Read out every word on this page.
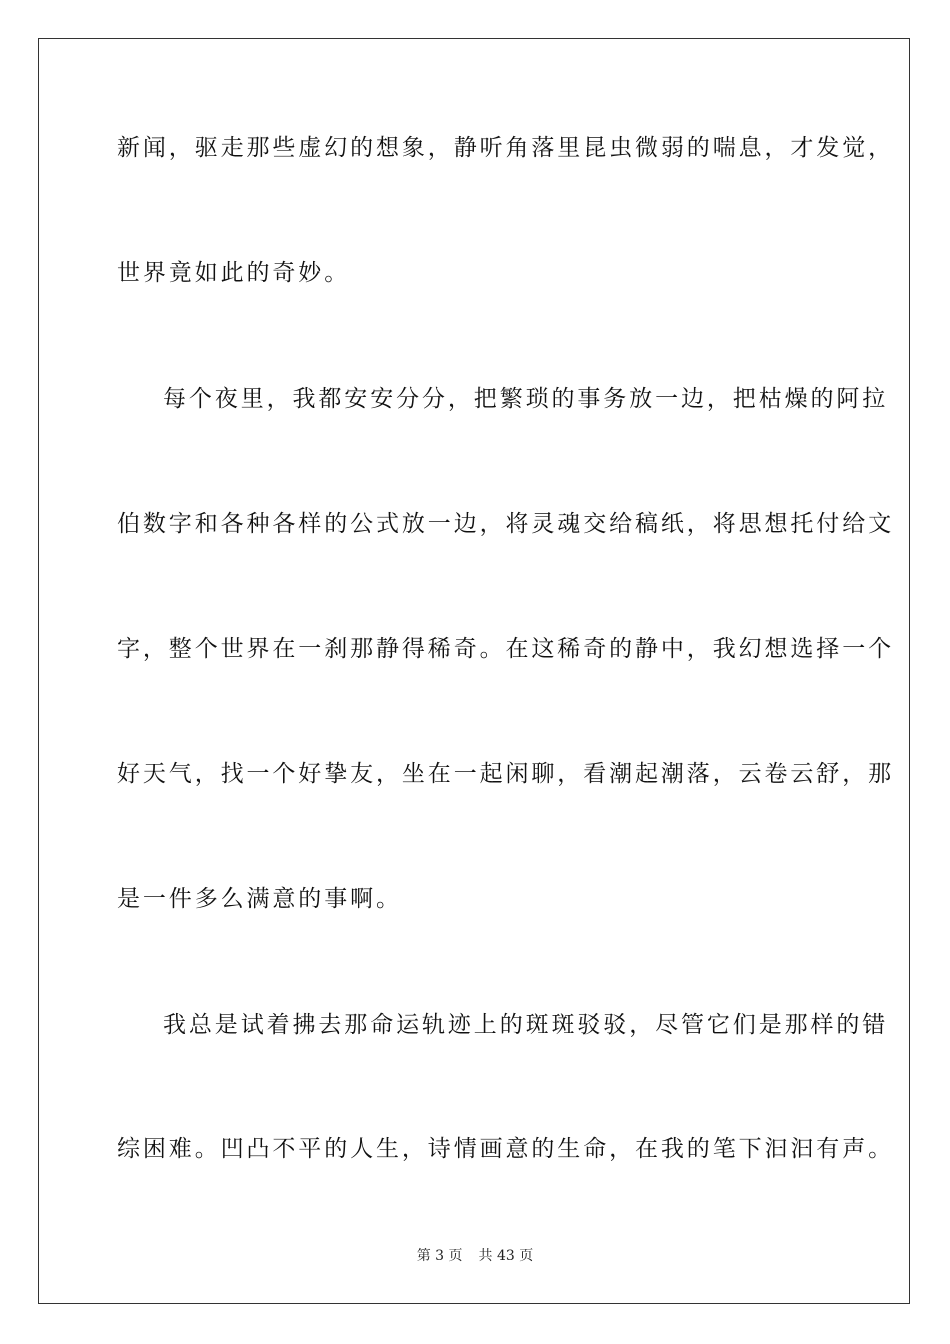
新闻，驱走那些虚幻的想象，静听角落里昆虫微弱的喘息，才发觉，
世界竟如此的奇妙。
每个夜里，我都安安分分，把繁琐的事务放一边，把枯燥的阿拉
伯数字和各种各样的公式放一边，将灵魂交给稿纸，将思想托付给文
字，整个世界在一刹那静得稀奇。在这稀奇的静中，我幻想选择一个
好天气，找一个好挚友，坐在一起闲聊，看潮起潮落，云卷云舒，那
是一件多么满意的事啊。
我总是试着拂去那命运轨迹上的斑斑驳驳，尽管它们是那样的错
综困难。凹凸不平的人生，诗情画意的生命，在我的笔下汩汩有声。
第 3 页 共 43 页
